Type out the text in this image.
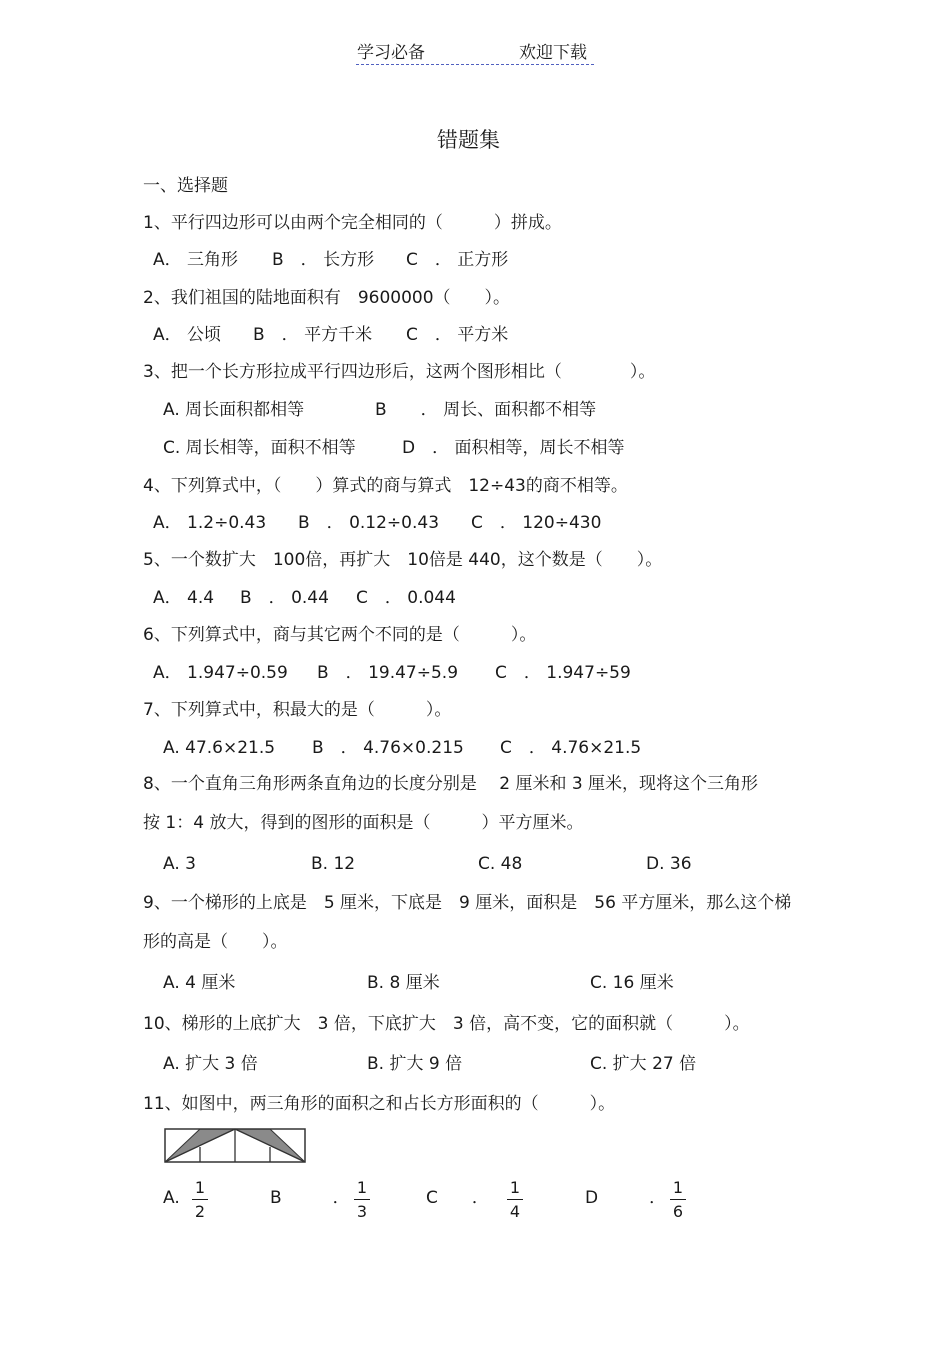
学习必备	欢迎下载
错题集
一、选择题
1、平行四边形可以由两个完全相同的（　　　）拼成。
A． 三角形 B　． 长方形 C　． 正方形
2、我们祖国的陆地面积有　9600000（　　）。
A． 公顷 B　． 平方千米 C　． 平方米
3、把一个长方形拉成平行四边形后，这两个图形相比（　　　　）。
A. 周长面积都相等	B　　． 周长、面积都不相等
C. 周长相等，面积不相等	D　． 面积相等，周长不相等
4、下列算式中，（　　）算式的商与算式　12÷43的商不相等。
A． 1.2÷0.43 B　． 0.12÷0.43 C　． 120÷430
5、一个数扩大　100倍，再扩大　10倍是 440，这个数是（　　）。
A． 4.4 B　． 0.44 C　． 0.044
6、下列算式中，商与其它两个不同的是（　　　）。
A． 1.947÷0.59 B　． 19.47÷5.9 C　． 1.947÷59
7、下列算式中，积最大的是（　　　）。
A. 47.6×21.5 B　． 4.76×0.215 C　． 4.76×21.5
8、一个直角三角形两条直角边的长度分别是　 2 厘米和 3 厘米，现将这个三角形
按 1：4 放大，得到的图形的面积是（　　　）平方厘米。
A. 3	B. 12	C. 48	D. 36
9、一个梯形的上底是　5 厘米，下底是　9 厘米，面积是　56 平方厘米，那么这个梯
形的高是（　　）。
A. 4 厘米	B. 8 厘米	C. 16 厘米
10、梯形的上底扩大　3 倍，下底扩大　3 倍，高不变，它的面积就（　　　）。
A. 扩大 3 倍	B. 扩大 9 倍	C. 扩大 27 倍
11、如图中，两三角形的面积之和占长方形面积的（　　　）。
A.
1
2
B　　　．
1
3
C　　．
1
4
D　　　．
1
6
